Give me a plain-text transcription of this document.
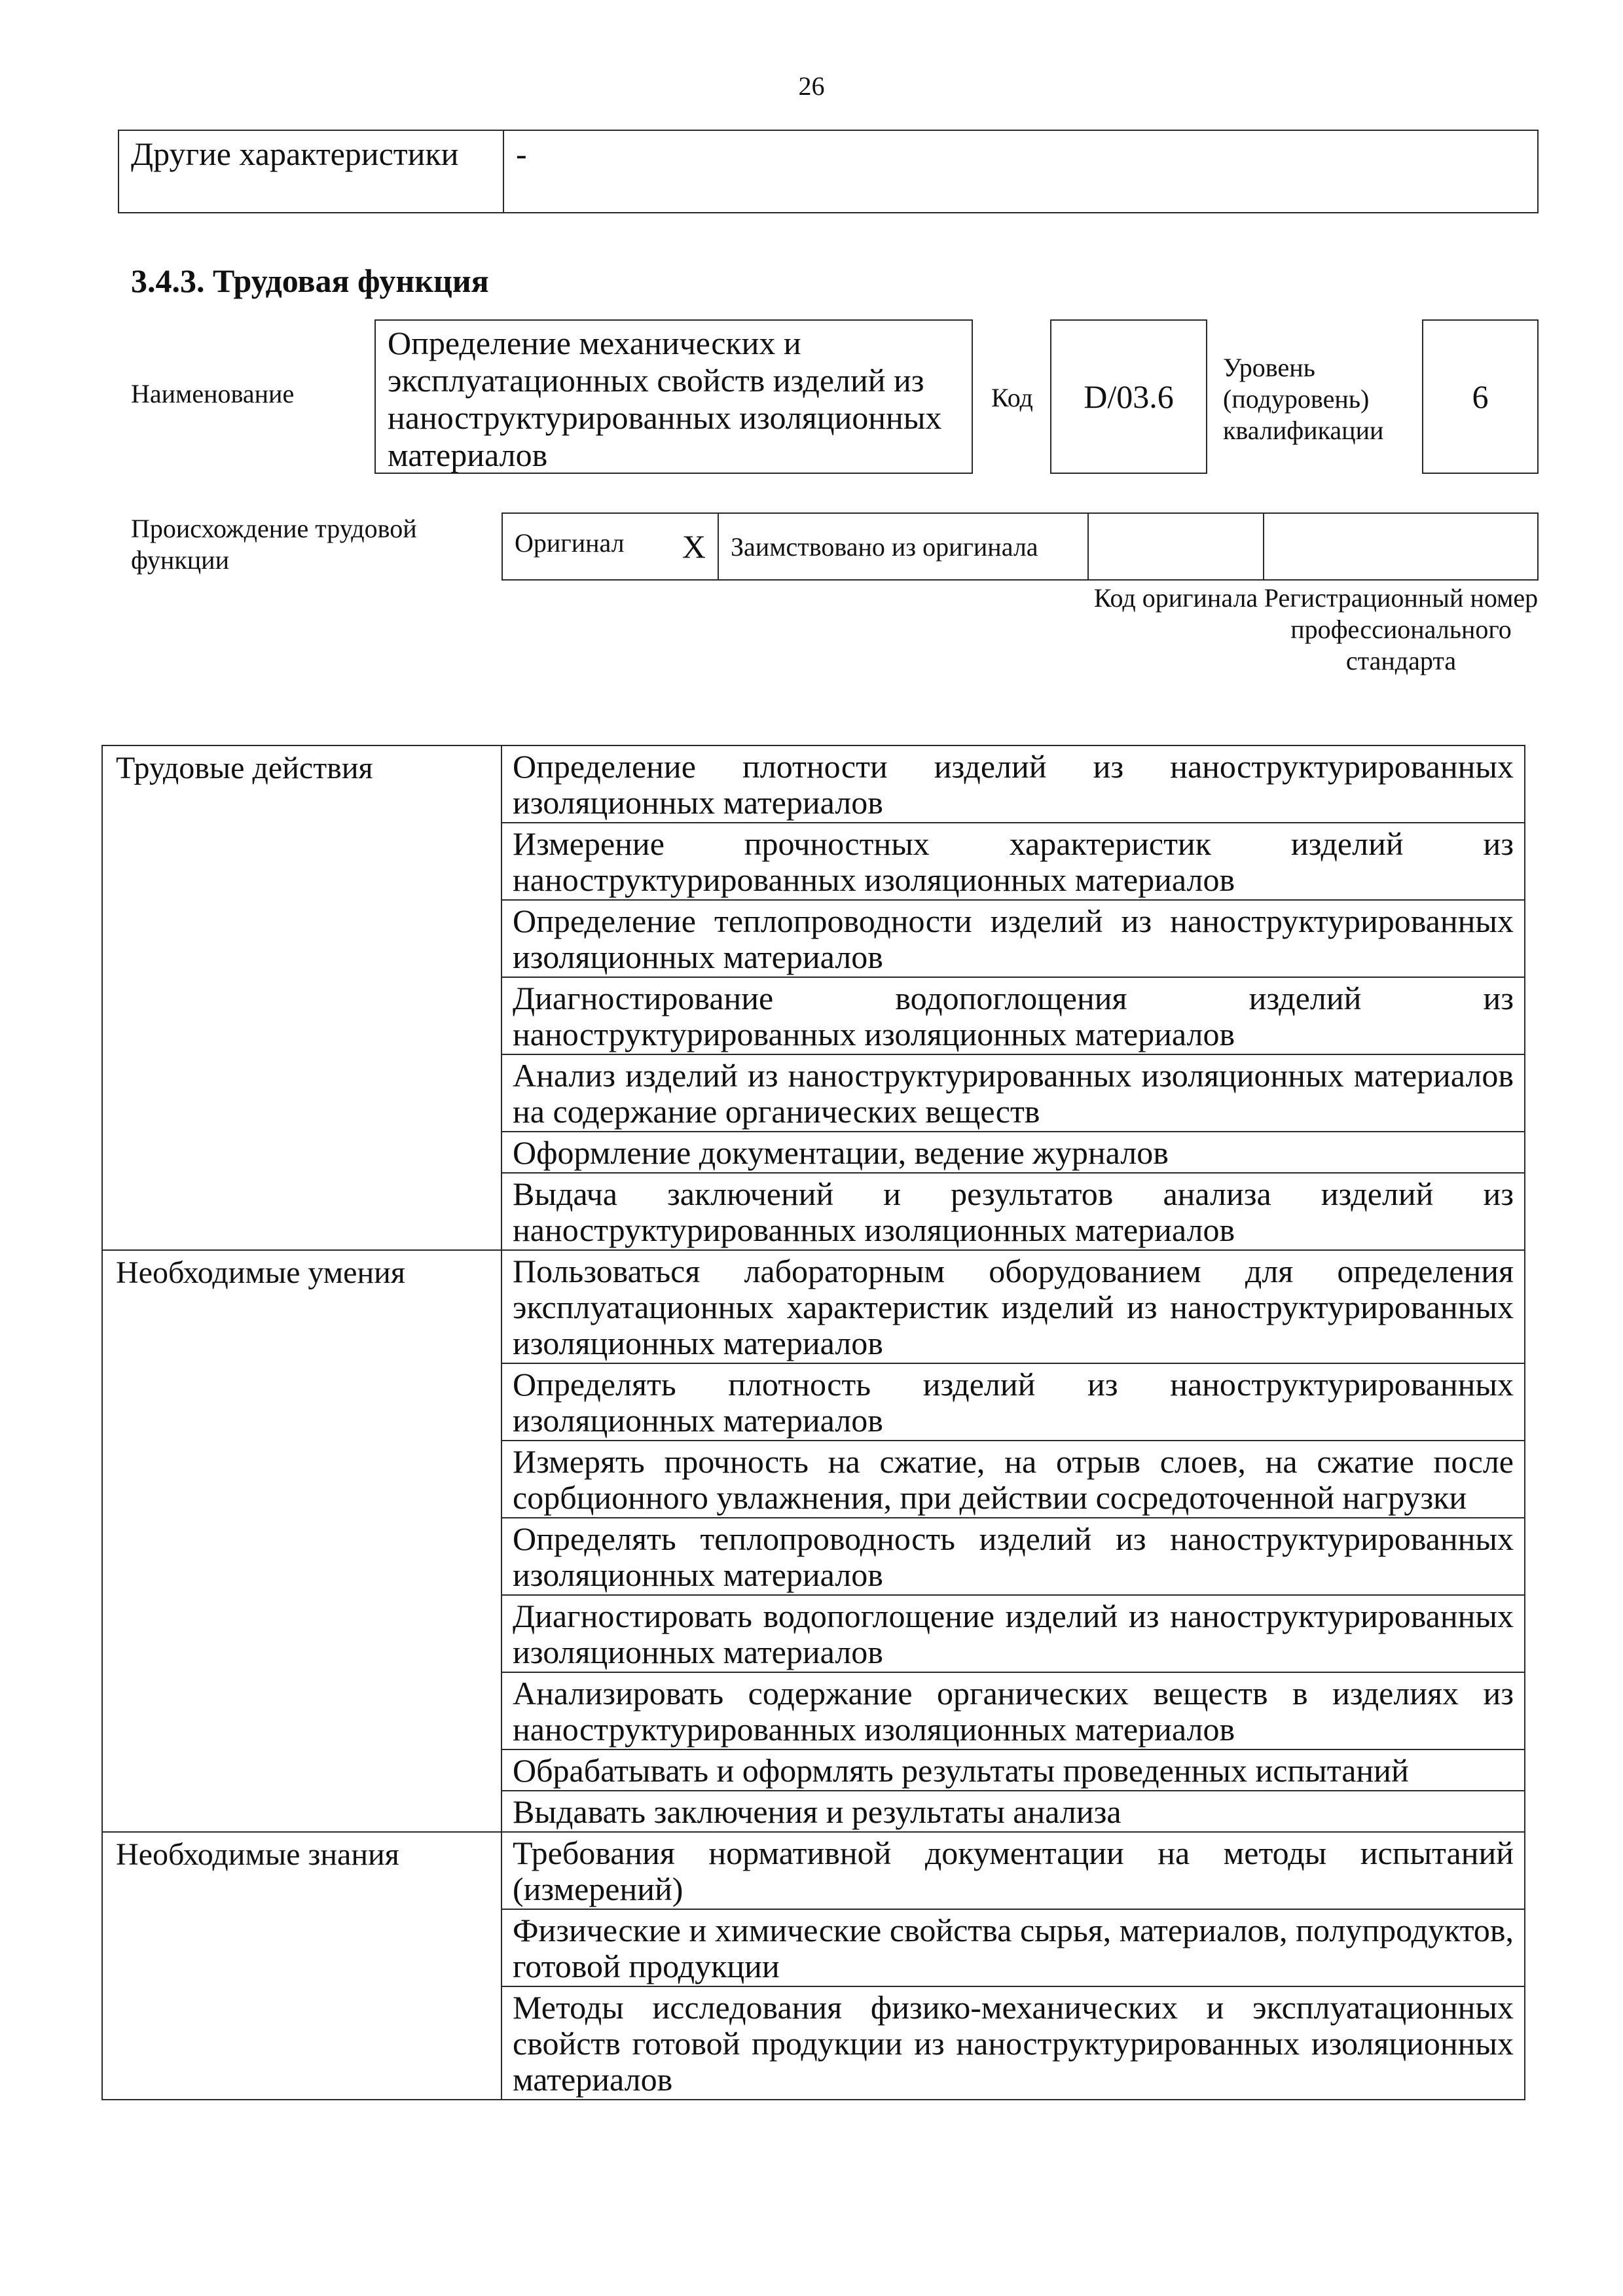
26
Другие характеристики	-
3.4.3. Трудовая функция
Наименование
Определение механических и эксплуатационных свойств изделий из наноструктурированных изоляционных материалов
Код D/03.6
Уровень (подуровень) квалификации
6
Происхождение трудовой функции
Оригинал X	Заимствовано из оригинала		
Код оригинала Регистрационный номер профессионального стандарта
Трудовые действия	Определение плотности изделий из наноструктурированных изоляционных материалов
	Измерение прочностных характеристик изделий из наноструктурированных изоляционных материалов
	Определение теплопроводности изделий из наноструктурированных изоляционных материалов
	Диагностирование водопоглощения изделий из наноструктурированных изоляционных материалов
	Анализ изделий из наноструктурированных изоляционных материалов на содержание органических веществ
	Оформление документации, ведение журналов
	Выдача заключений и результатов анализа изделий из наноструктурированных изоляционных материалов
Необходимые умения	Пользоваться лабораторным оборудованием для определения эксплуатационных характеристик изделий из наноструктурированных изоляционных материалов
	Определять плотность изделий из наноструктурированных изоляционных материалов
	Измерять прочность на сжатие, на отрыв слоев, на сжатие после сорбционного увлажнения, при действии сосредоточенной нагрузки
	Определять теплопроводность изделий из наноструктурированных изоляционных материалов
	Диагностировать водопоглощение изделий из наноструктурированных изоляционных материалов
	Анализировать содержание органических веществ в изделиях из наноструктурированных изоляционных материалов
	Обрабатывать и оформлять результаты проведенных испытаний
	Выдавать заключения и результаты анализа
Необходимые знания	Требования нормативной документации на методы испытаний (измерений)
	Физические и химические свойства сырья, материалов, полупродуктов, готовой продукции
	Методы исследования физико-механических и эксплуатационных свойств готовой продукции из наноструктурированных изоляционных материалов
